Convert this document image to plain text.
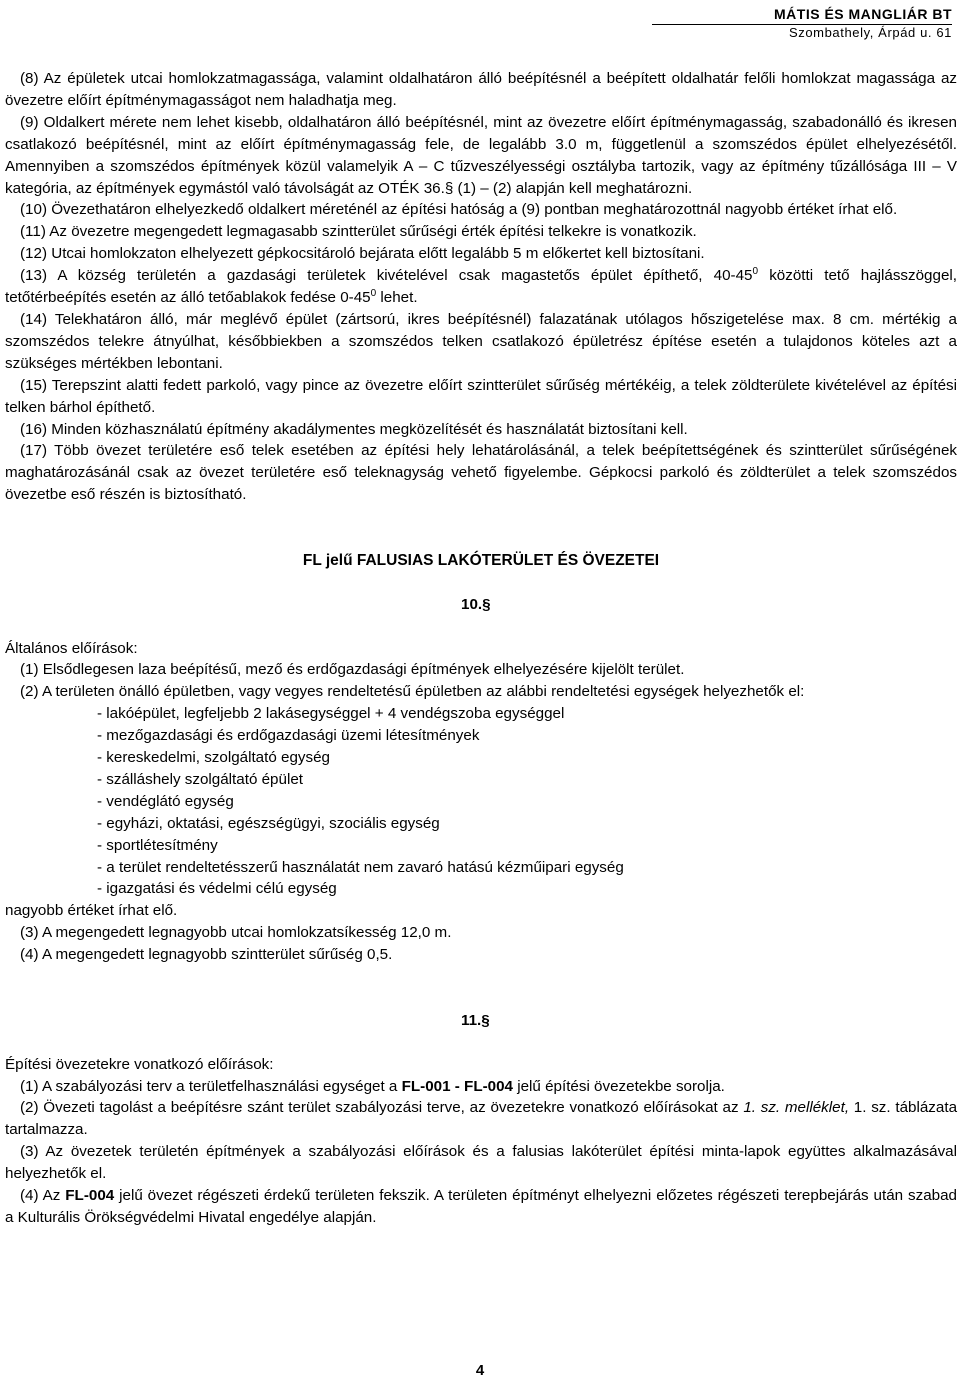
MÁTIS ÉS MANGLIÁR BT
Szombathely, Árpád u. 61

(8) Az épületek utcai homlokzatmagassága, valamint oldalhatáron álló beépítésnél a beépített oldalhatár felőli homlokzat magassága az övezetre előírt építménymagasságot nem haladhatja meg.

(9) Oldalkert mérete nem lehet kisebb, oldalhatáron álló beépítésnél, mint az övezetre előírt építménymagasság, szabadonálló és ikresen csatlakozó beépítésnél, mint az előírt építménymagasság fele, de legalább 3.0 m, függetlenül a szomszédos épület elhelyezésétől. Amennyiben a szomszédos építmények közül valamelyik A – C tűzveszélyességi osztályba tartozik, vagy az építmény tűzállósága III – V kategória, az építmények egymástól való távolságát az OTÉK 36.§ (1) – (2) alapján kell meghatározni.

(10) Övezethatáron elhelyezkedő oldalkert méreténél az építési hatóság a (9) pontban meghatározottnál nagyobb értéket írhat elő.

(11) Az övezetre megengedett legmagasabb szintterület sűrűségi érték építési telkekre is vonatkozik.

(12) Utcai homlokzaton elhelyezett gépkocsitároló bejárata előtt legalább 5 m előkertet kell biztosítani.

(13) A község területén a gazdasági területek kivételével csak magastetős épület építhető, $40-45^0$ közötti tető hajlásszöggel, tetőtérbeépítés esetén az álló tetőablakok fedése $0-45^0$ lehet.

(14) Telekhatáron álló, már meglévő épület (zártsorú, ikres beépítésnél) falazatának utólagos hőszigetelése max. 8 cm. mértékig a szomszédos telekre átnyúlhat, későbbiekben a szomszédos telken csatlakozó épületrész építése esetén a tulajdonos köteles azt a szükséges mértékben lebontani.

(15) Terepszint alatti fedett parkoló, vagy pince az övezetre előírt szintterület sűrűség mértékéig, a telek zöldterülete kivételével az építési telken bárhol építhető.

(16) Minden közhasználatú építmény akadálymentes megközelítését és használatát biztosítani kell.

(17) Több övezet területére eső telek esetében az építési hely lehatárolásánál, a telek beépítettségének és szintterület sűrűségének maghatározásánál csak az övezet területére eső teleknagyság vehető figyelembe. Gépkocsi parkoló és zöldterület a telek szomszédos övezetbe eső részén is biztosítható.

FL jelű FALUSIAS LAKÓTERÜLET ÉS ÖVEZETEI

10.§

Általános előírások:

(1) Elsődlegesen laza beépítésű, mező és erdőgazdasági építmények elhelyezésére kijelölt terület.

(2) A területen önálló épületben, vagy vegyes rendeltetésű épületben az alábbi rendeltetési egységek helyezhetők el:

- lakóépület, legfeljebb 2 lakásegységgel + 4 vendégszoba egységgel
- mezőgazdasági és erdőgazdasági üzemi létesítmények
- kereskedelmi, szolgáltató egység
- szálláshely szolgáltató épület
- vendéglátó egység
- egyházi, oktatási, egészségügyi, szociális egység
- sportlétesítmény
- a terület rendeltetésszerű használatát nem zavaró hatású kézműipari egység
- igazgatási és védelmi célú egység

nagyobb értéket írhat elő.

(3) A megengedett legnagyobb utcai homlokzatsíkesség 12,0 m.

(4) A megengedett legnagyobb szintterület sűrűség 0,5.

11.§

Építési övezetekre vonatkozó előírások:

(1) A szabályozási terv a területfelhasználási egységet a FL-001 - FL-004 jelű építési övezetekbe sorolja.

(2) Övezeti tagolást a beépítésre szánt terület szabályozási terve, az övezetekre vonatkozó előírásokat az 1. sz. melléklet, 1. sz. táblázata tartalmazza.

(3) Az övezetek területén építmények a szabályozási előírások és a falusias lakóterület építési minta-lapok együttes alkalmazásával helyezhetők el.

(4) Az FL-004 jelű övezet régészeti érdekű területen fekszik. A területen építményt elhelyezni előzetes régészeti terepbejárás után szabad a Kulturális Örökségvédelmi Hivatal engedélye alapján.

4
